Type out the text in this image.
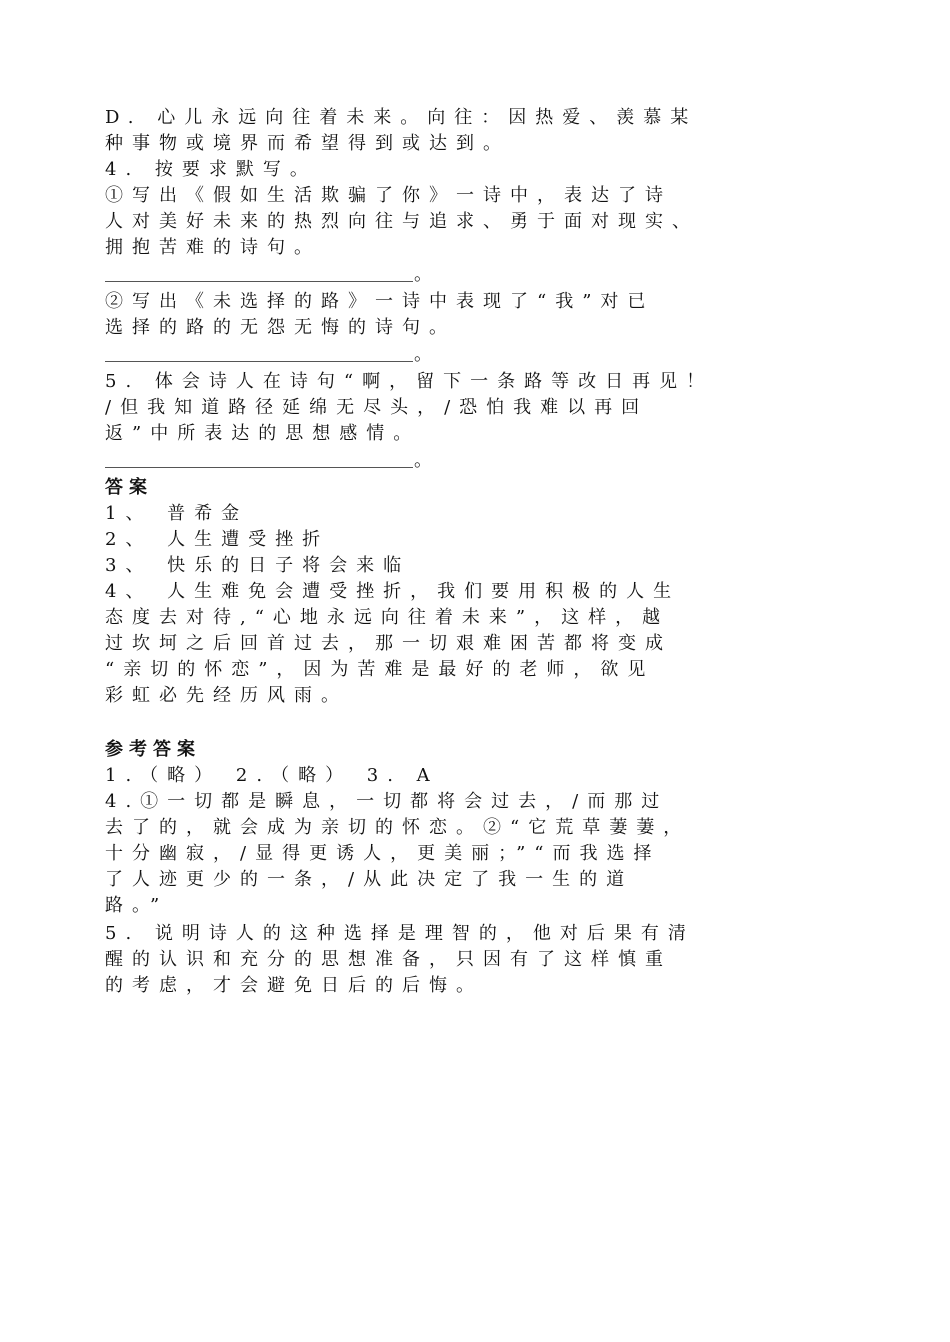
D. 心儿永远向往着未来。向往：因热爱、羡慕某
种事物或境界而希望得到或达到。
4. 按要求默写。
①写出《假如生活欺骗了你》一诗中，表达了诗
人对美好未来的热烈向往与追求、勇于面对现实、
拥抱苦难的诗句。
。
②写出《未选择的路》一诗中表现了“我”对已
选择的路的无怨无悔的诗句。
。
5. 体会诗人在诗句“啊，留下一条路等改日再见！
/但我知道路径延绵无尽头，/恐怕我难以再回
返”中所表达的思想感情。
。
答案
1、 普希金
2、 人生遭受挫折
3、 快乐的日子将会来临
4、 人生难免会遭受挫折，我们要用积极的人生
态度去对待,“心地永远向往着未来”，这样，越
过坎坷之后回首过去，那一切艰难困苦都将变成
“亲切的怀恋”，因为苦难是最好的老师，欲见
彩虹必先经历风雨。
参考答案
1.（略） 2.（略） 3. A
4.①一切都是瞬息，一切都将会过去，/而那过
去了的，就会成为亲切的怀恋。②“它荒草萋萋，
十分幽寂，/显得更诱人，更美丽；”“而我选择
了人迹更少的一条，/从此决定了我一生的道
路。”
5. 说明诗人的这种选择是理智的，他对后果有清
醒的认识和充分的思想准备，只因有了这样慎重
的考虑，才会避免日后的后悔。
